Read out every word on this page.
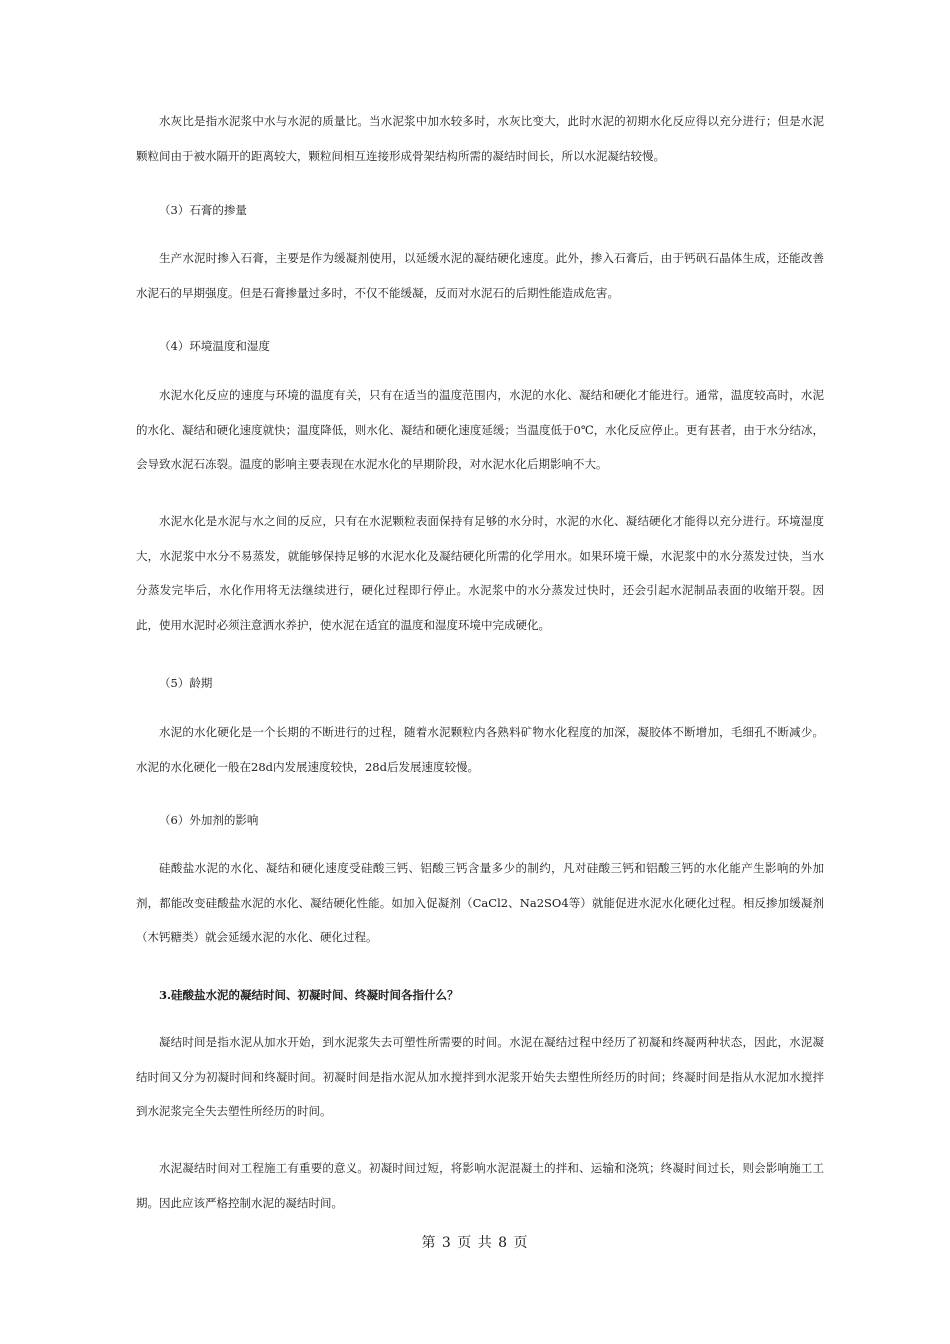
水灰比是指水泥浆中水与水泥的质量比。当水泥浆中加水较多时，水灰比变大，此时水泥的初期水化反应得以充分进行；但是水泥颗粒间由于被水隔开的距离较大，颗粒间相互连接形成骨架结构所需的凝结时间长，所以水泥凝结较慢。

（3）石膏的掺量

生产水泥时掺入石膏，主要是作为缓凝剂使用，以延缓水泥的凝结硬化速度。此外，掺入石膏后，由于钙矾石晶体生成，还能改善水泥石的早期强度。但是石膏掺量过多时，不仅不能缓凝，反而对水泥石的后期性能造成危害。

（4）环境温度和湿度

水泥水化反应的速度与环境的温度有关，只有在适当的温度范围内，水泥的水化、凝结和硬化才能进行。通常，温度较高时，水泥的水化、凝结和硬化速度就快；温度降低，则水化、凝结和硬化速度延缓；当温度低于0℃，水化反应停止。更有甚者，由于水分结冰，会导致水泥石冻裂。温度的影响主要表现在水泥水化的早期阶段，对水泥水化后期影响不大。

水泥水化是水泥与水之间的反应，只有在水泥颗粒表面保持有足够的水分时，水泥的水化、凝结硬化才能得以充分进行。环境湿度大，水泥浆中水分不易蒸发，就能够保持足够的水泥水化及凝结硬化所需的化学用水。如果环境干燥，水泥浆中的水分蒸发过快，当水分蒸发完毕后，水化作用将无法继续进行，硬化过程即行停止。水泥浆中的水分蒸发过快时，还会引起水泥制品表面的收缩开裂。因此，使用水泥时必须注意洒水养护，使水泥在适宜的温度和湿度环境中完成硬化。

（5）龄期

水泥的水化硬化是一个长期的不断进行的过程，随着水泥颗粒内各熟料矿物水化程度的加深，凝胶体不断增加，毛细孔不断减少。水泥的水化硬化一般在28d内发展速度较快，28d后发展速度较慢。

（6）外加剂的影响

硅酸盐水泥的水化、凝结和硬化速度受硅酸三钙、铝酸三钙含量多少的制约，凡对硅酸三钙和铝酸三钙的水化能产生影响的外加剂，都能改变硅酸盐水泥的水化、凝结硬化性能。如加入促凝剂（CaCl2、Na2SO4等）就能促进水泥水化硬化过程。相反掺加缓凝剂（木钙糖类）就会延缓水泥的水化、硬化过程。

3.硅酸盐水泥的凝结时间、初凝时间、终凝时间各指什么？

凝结时间是指水泥从加水开始，到水泥浆失去可塑性所需要的时间。水泥在凝结过程中经历了初凝和终凝两种状态，因此，水泥凝结时间又分为初凝时间和终凝时间。初凝时间是指水泥从加水搅拌到水泥浆开始失去塑性所经历的时间；终凝时间是指从水泥加水搅拌到水泥浆完全失去塑性所经历的时间。

水泥凝结时间对工程施工有重要的意义。初凝时间过短，将影响水泥混凝土的拌和、运输和浇筑；终凝时间过长，则会影响施工工期。因此应该严格控制水泥的凝结时间。

第 3 页 共 8 页
